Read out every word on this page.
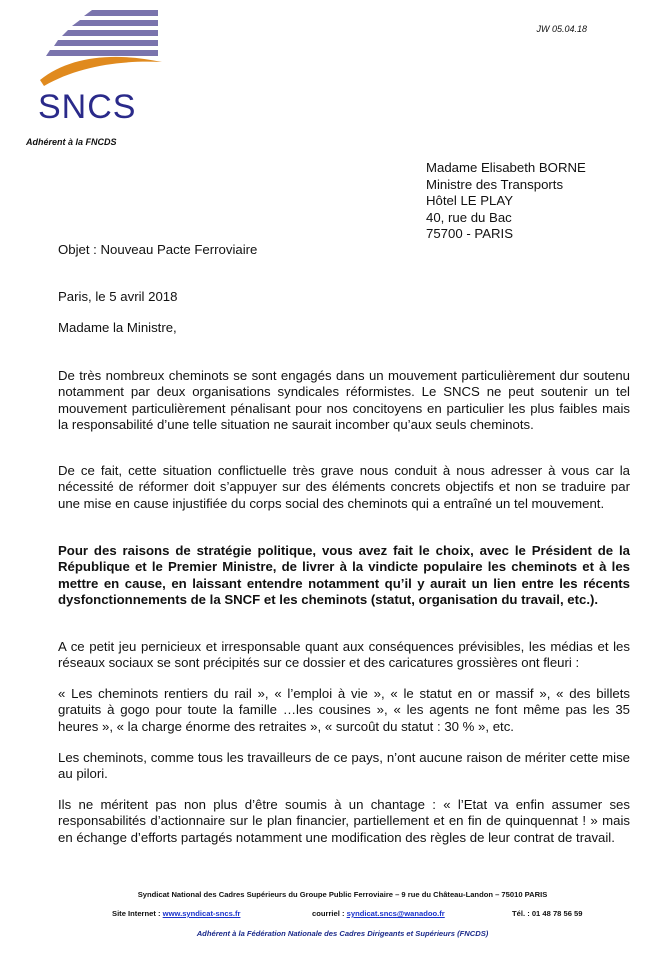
SNCS
Adhérent à la FNCDS
JW 05.04.18
Madame Elisabeth BORNE
Ministre des Transports
Hôtel LE PLAY
40, rue du Bac
75700 - PARIS
Objet : Nouveau Pacte Ferroviaire
Paris, le 5 avril 2018
Madame la Ministre,

De très nombreux cheminots se sont engagés dans un mouvement particulièrement dur soutenu notamment par deux organisations syndicales réformistes. Le SNCS ne peut soutenir un tel mouvement particulièrement pénalisant pour nos concitoyens en particulier les plus faibles mais la responsabilité d’une telle situation ne saurait incomber qu’aux seuls cheminots.

De ce fait, cette situation conflictuelle très grave nous conduit à nous adresser à vous car la nécessité de réformer doit s’appuyer sur des éléments concrets objectifs et non se traduire par une mise en cause injustifiée du corps social des cheminots qui a entraîné un tel mouvement.

Pour des raisons de stratégie politique, vous avez fait le choix, avec le Président de la République et le Premier Ministre, de livrer à la vindicte populaire les cheminots et à les mettre en cause, en laissant entendre notamment qu’il y aurait un lien entre les récents dysfonctionnements de la SNCF et les cheminots (statut, organisation du travail, etc.).

A ce petit jeu pernicieux et irresponsable quant aux conséquences prévisibles, les médias et les réseaux sociaux se sont précipités sur ce dossier et des caricatures grossières ont fleuri :

« Les cheminots rentiers du rail », « l’emploi à vie », « le statut en or massif », « des billets gratuits à gogo pour toute la famille …les cousines », « les agents ne font même pas les 35 heures », « la charge énorme des retraites », « surcoût du statut : 30 % », etc.

Les cheminots, comme tous les travailleurs de ce pays, n’ont aucune raison de mériter cette mise au pilori.

Ils ne méritent pas non plus d’être soumis à un chantage : « l’Etat va enfin assumer ses responsabilités d’actionnaire sur le plan financier, partiellement et en fin de quinquennat ! » mais en échange d’efforts partagés notamment une modification des règles de leur contrat de travail.

Syndicat National des Cadres Supérieurs du Groupe Public Ferroviaire – 9 rue du Château-Landon – 75010 PARIS
Site Internet : www.syndicat-sncs.fr	courriel : syndicat.sncs@wanadoo.fr	Tél. : 01 48 78 56 59
Adhérent à la Fédération Nationale des Cadres Dirigeants et Supérieurs (FNCDS)
